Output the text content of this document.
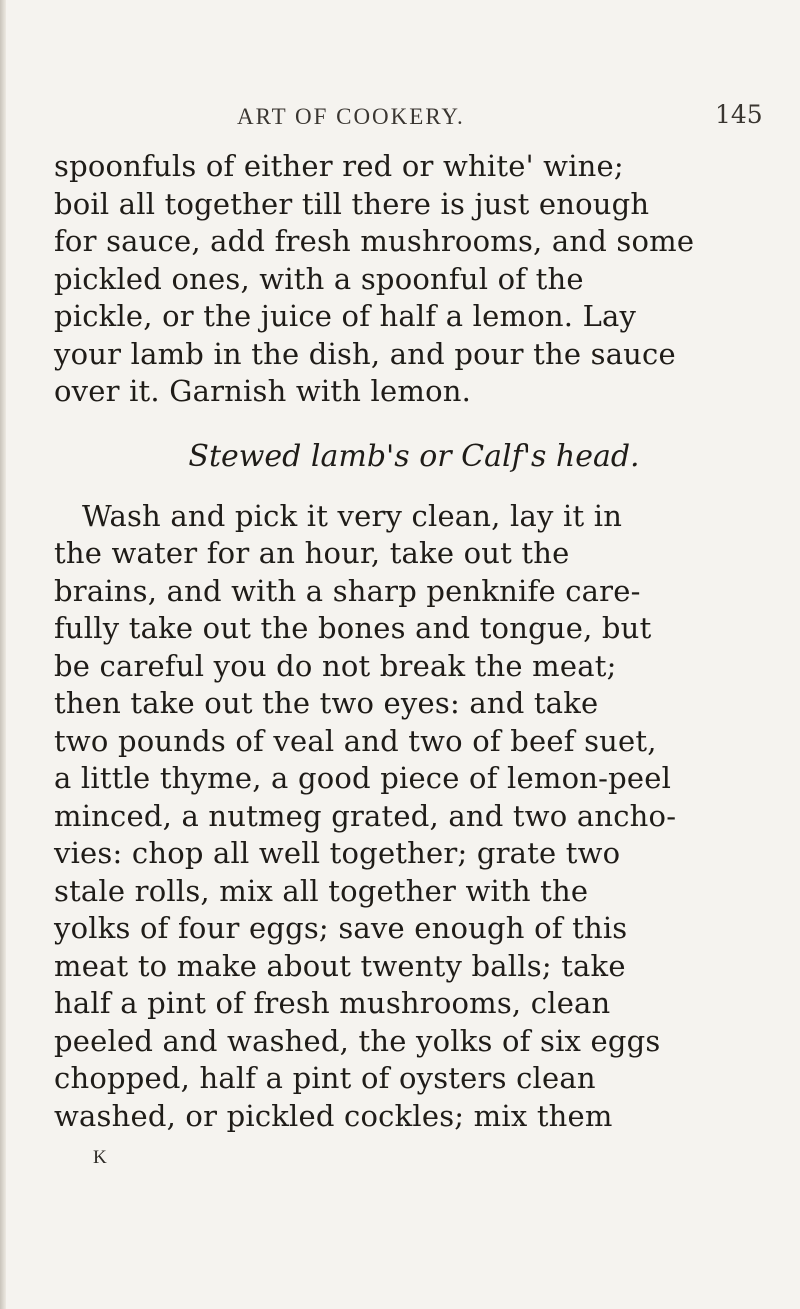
ART OF COOKERY.	145
spoonfuls of either red or white' wine;
boil all together till there is just enough
for sauce, add fresh mushrooms, and some
pickled ones, with a spoonful of the
pickle, or the juice of half a lemon. Lay
your lamb in the dish, and pour the sauce
over it. Garnish with lemon.
Stewed lamb's or Calf's head.
Wash and pick it very clean, lay it in
the water for an hour, take out the
brains, and with a sharp penknife care-
fully take out the bones and tongue, but
be careful you do not break the meat;
then take out the two eyes: and take
two pounds of veal and two of beef suet,
a little thyme, a good piece of lemon-peel
minced, a nutmeg grated, and two ancho-
vies: chop all well together; grate two
stale rolls, mix all together with the
yolks of four eggs; save enough of this
meat to make about twenty balls; take
half a pint of fresh mushrooms, clean
peeled and washed, the yolks of six eggs
chopped, half a pint of oysters clean
washed, or pickled cockles; mix them
K
